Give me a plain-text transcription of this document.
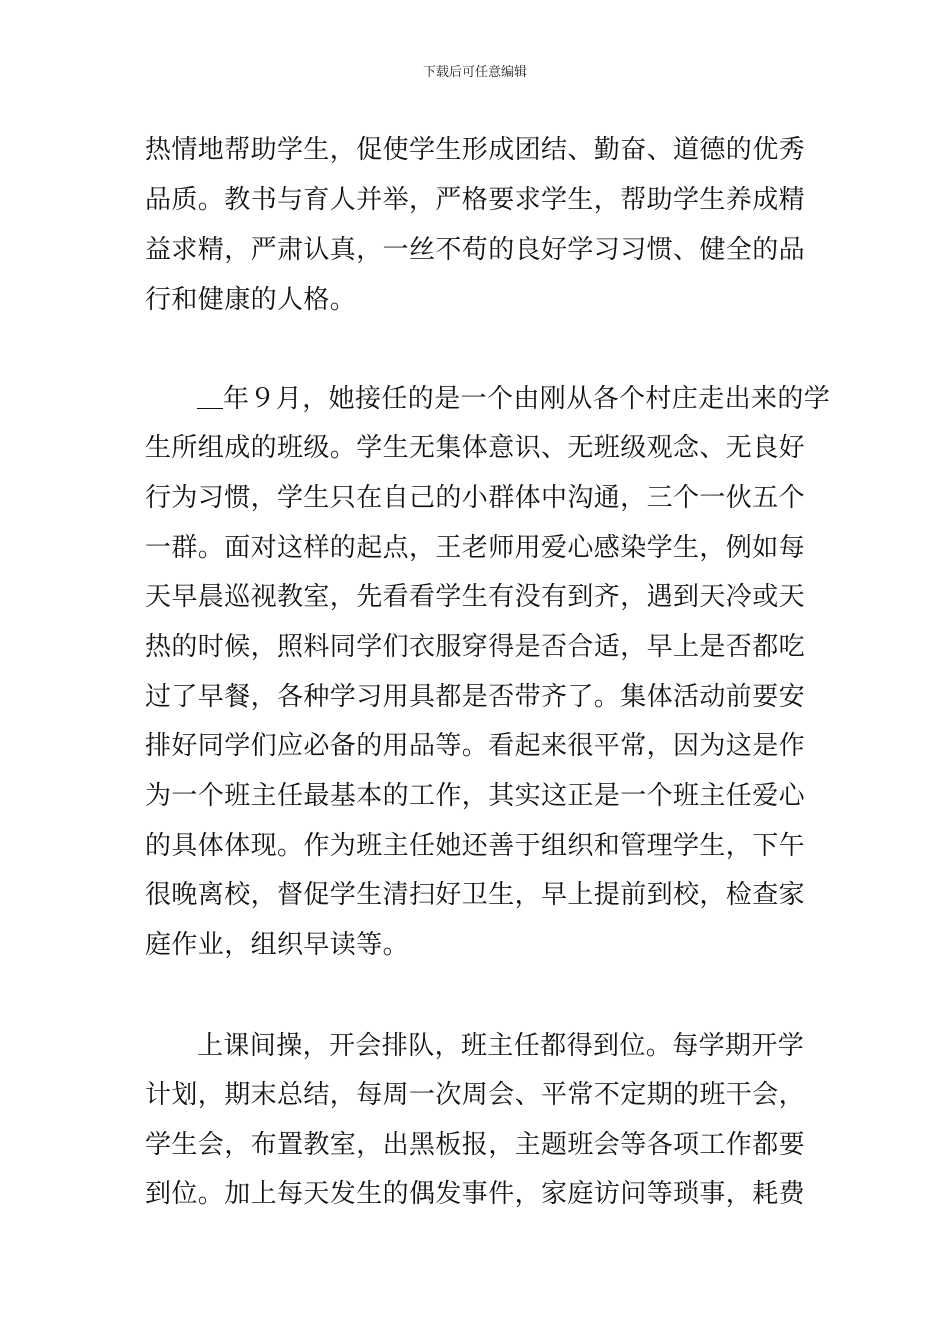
下载后可任意编辑
热情地帮助学生，促使学生形成团结、勤奋、道德的优秀
品质。教书与育人并举，严格要求学生，帮助学生养成精
益求精，严肃认真，一丝不苟的良好学习习惯、健全的品
行和健康的人格。
年９月，她接任的是一个由刚从各个村庄走出来的学
生所组成的班级。学生无集体意识、无班级观念、无良好
行为习惯，学生只在自己的小群体中沟通，三个一伙五个
一群。面对这样的起点，王老师用爱心感染学生，例如每
天早晨巡视教室，先看看学生有没有到齐，遇到天冷或天
热的时候，照料同学们衣服穿得是否合适，早上是否都吃
过了早餐，各种学习用具都是否带齐了。集体活动前要安
排好同学们应必备的用品等。看起来很平常，因为这是作
为一个班主任最基本的工作，其实这正是一个班主任爱心
的具体体现。作为班主任她还善于组织和管理学生，下午
很晚离校，督促学生清扫好卫生，早上提前到校，检查家
庭作业，组织早读等。
上课间操，开会排队，班主任都得到位。每学期开学
计划，期末总结，每周一次周会、平常不定期的班干会，
学生会，布置教室，出黑板报，主题班会等各项工作都要
到位。加上每天发生的偶发事件，家庭访问等琐事，耗费
